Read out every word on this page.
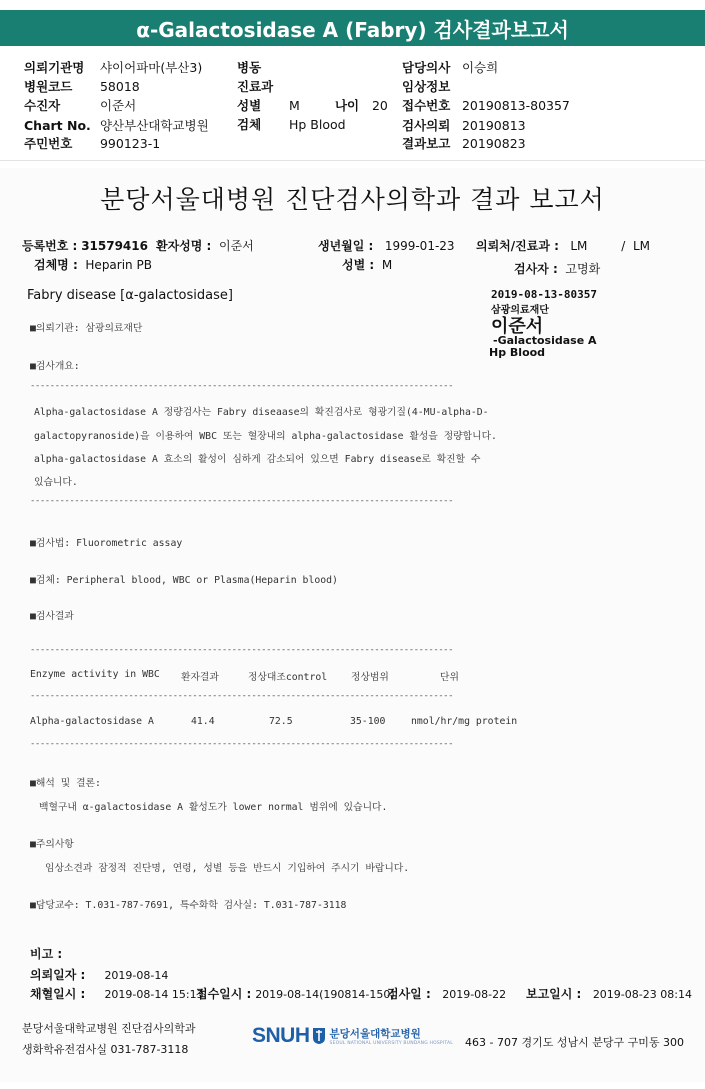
α-Galactosidase A (Fabry) 검사결과보고서
의뢰기관명 샤이어파마(부산3)
병원코드 58018
수진자	이준서
Chart No. 양산부산대학교병원
주민번호 990123-1
병동
진료과
성별 M	나이 20
검체 Hp Blood
담당의사 이승희
임상정보
접수번호 20190813-80357
검사의뢰 20190813
결과보고 20190823
분당서울대병원 진단검사의학과 결과 보고서
등록번호 : 31579416 환자성명 : 이준서	생년월일 : 1999-01-23 의뢰처/진료과 : LM	/ LM
검체명 : Heparin PB	성별 : M	검사자 : 고명화
Fabry disease [α-galactosidase]	2019-08-13-80357
삼광의료재단
이준서
-Galactosidase A
Hp Blood
■의뢰기관: 삼광의료재단
■검사개요:
--------------------------------------------------------------------------------------
Alpha-galactosidase A 정량검사는 Fabry diseaase의 확진검사로 형광기질(4-MU-alpha-D-
galactopyranoside)을 이용하여 WBC 또는 혈장내의 alpha-galactosidase 활성을 정량합니다.
alpha-galactosidase A 효소의 활성이 심하게 감소되어 있으면 Fabry disease로 확진할 수
있습니다.
--------------------------------------------------------------------------------------
■검사법: Fluorometric assay
■검체: Peripheral blood, WBC or Plasma(Heparin blood)
■검사결과
--------------------------------------------------------------------------------------
Enzyme activity in WBC 환자결과	정상대조control 정상범위	단위
--------------------------------------------------------------------------------------
Alpha-galactosidase A	41.4	72.5	35-100	nmol/hr/mg protein
--------------------------------------------------------------------------------------
■해석 및 결론:
백혈구내 α-galactosidase A 활성도가 lower normal 범위에 있습니다.
■주의사항
임상소견과 잠정적 진단명, 연령, 성별 등을 반드시 기입하여 주시기 바랍니다.
■담당교수: T.031-787-7691, 특수화학 검사실: T.031-787-3118
비고 :
의뢰일자 : 2019-08-14
채혈일시 : 2019-08-14 15:13
접수일시 : 2019-08-14(190814-150)
검사일 : 2019-08-22 보고일시 : 2019-08-23 08:14
분당서울대학교병원 진단검사의학과
생화학유전검사실 031-787-3118
SNUH 분당서울대학교병원
SEOUL NATIONAL UNIVERSITY BUNDANG HOSPITAL 463 - 707 경기도 성남시 분당구 구미동 300
